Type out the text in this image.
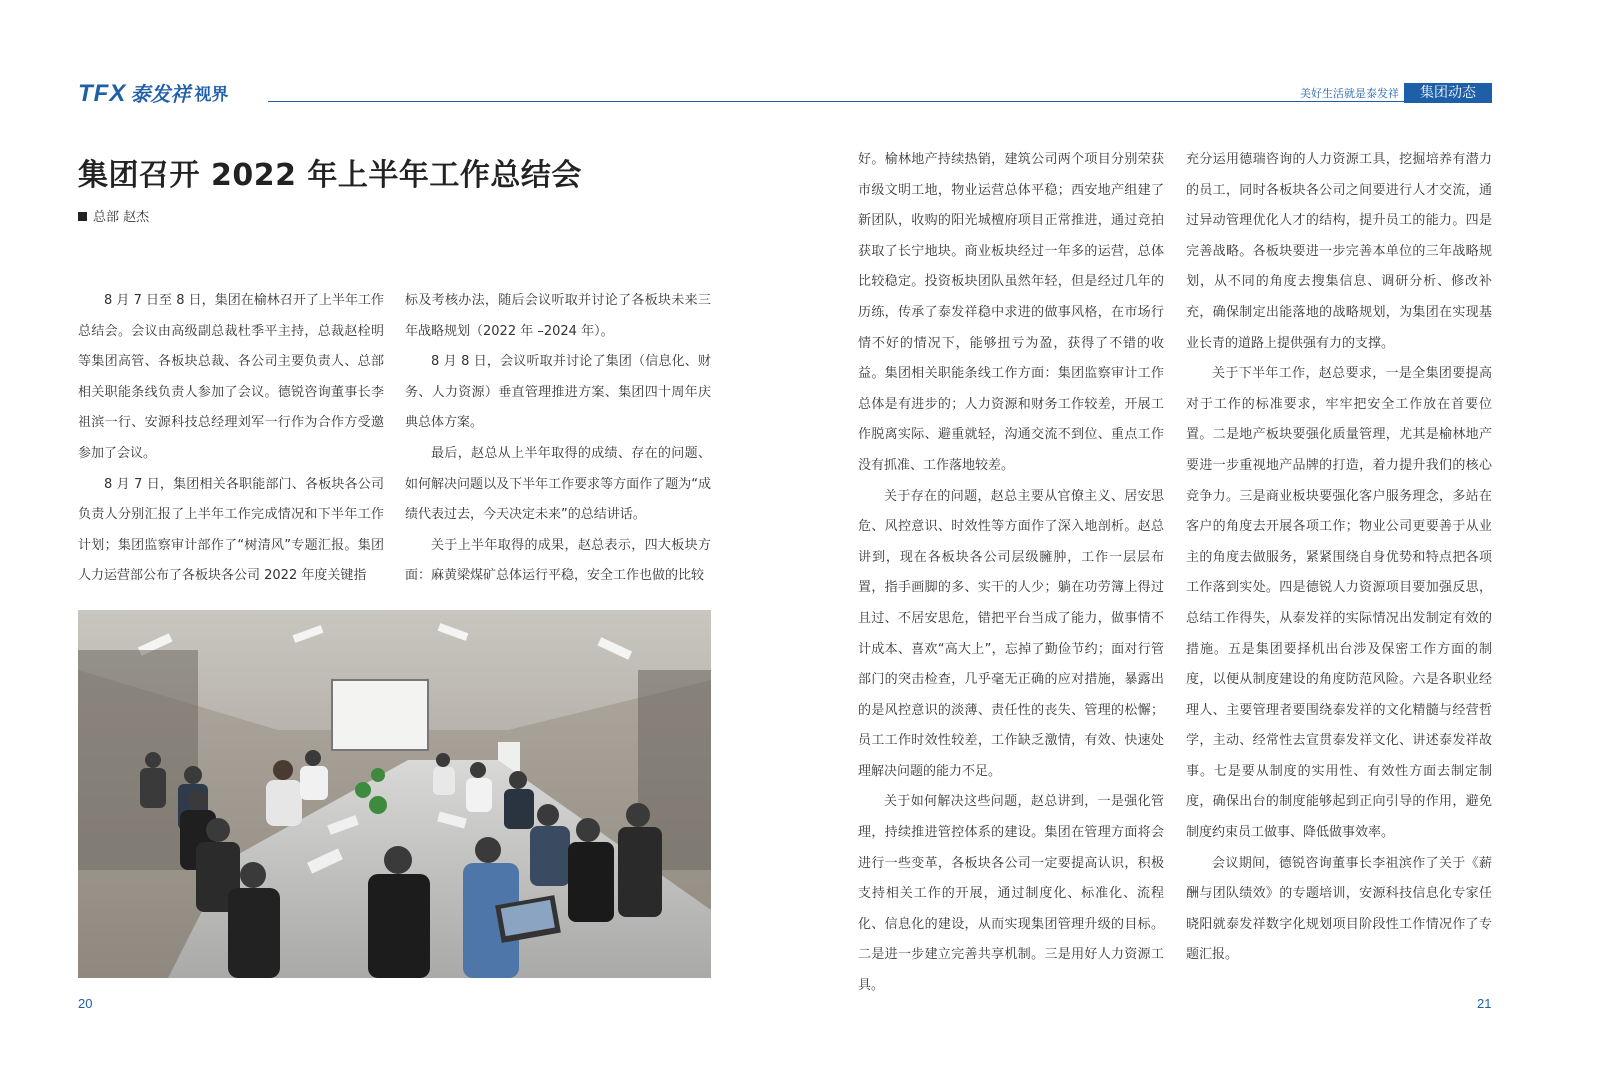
TFX 泰发祥 视界	美好生活就是泰发祥	集团动态
集团召开 2022 年上半年工作总结会
总部 赵杰

8 月 7 日至 8 日，集团在榆林召开了上半年工作总结会。会议由高级副总裁杜季平主持，总裁赵栓明等集团高管、各板块总裁、各公司主要负责人、总部相关职能条线负责人参加了会议。德锐咨询董事长李祖滨一行、安源科技总经理刘军一行作为合作方受邀参加了会议。

8 月 7 日，集团相关各职能部门、各板块各公司负责人分别汇报了上半年工作完成情况和下半年工作计划；集团监察审计部作了“树清风”专题汇报。集团人力运营部公布了各板块各公司 2022 年度关键指

标及考核办法，随后会议听取并讨论了各板块未来三年战略规划（2022 年 –2024 年）。

8 月 8 日，会议听取并讨论了集团（信息化、财务、人力资源）垂直管理推进方案、集团四十周年庆典总体方案。

最后，赵总从上半年取得的成绩、存在的问题、如何解决问题以及下半年工作要求等方面作了题为“成绩代表过去，今天决定未来”的总结讲话。

关于上半年取得的成果，赵总表示，四大板块方面：麻黄梁煤矿总体运行平稳，安全工作也做的比较

好。榆林地产持续热销，建筑公司两个项目分别荣获市级文明工地，物业运营总体平稳；西安地产组建了新团队，收购的阳光城檀府项目正常推进，通过竞拍获取了长宁地块。商业板块经过一年多的运营，总体比较稳定。投资板块团队虽然年轻，但是经过几年的历练，传承了泰发祥稳中求进的做事风格，在市场行情不好的情况下，能够扭亏为盈，获得了不错的收益。集团相关职能条线工作方面：集团监察审计工作总体是有进步的；人力资源和财务工作较差，开展工作脱离实际、避重就轻，沟通交流不到位、重点工作没有抓准、工作落地较差。

关于存在的问题，赵总主要从官僚主义、居安思危、风控意识、时效性等方面作了深入地剖析。赵总讲到，现在各板块各公司层级臃肿，工作一层层布置，指手画脚的多、实干的人少；躺在功劳簿上得过且过、不居安思危，错把平台当成了能力，做事情不计成本、喜欢“高大上”，忘掉了勤俭节约；面对行管部门的突击检查，几乎毫无正确的应对措施，暴露出的是风控意识的淡薄、责任性的丧失、管理的松懈；员工工作时效性较差，工作缺乏激情，有效、快速处理解决问题的能力不足。

关于如何解决这些问题，赵总讲到，一是强化管理，持续推进管控体系的建设。集团在管理方面将会进行一些变革，各板块各公司一定要提高认识，积极支持相关工作的开展，通过制度化、标准化、流程化、信息化的建设，从而实现集团管理升级的目标。二是进一步建立完善共享机制。三是用好人力资源工具。

充分运用德瑞咨询的人力资源工具，挖掘培养有潜力的员工，同时各板块各公司之间要进行人才交流，通过异动管理优化人才的结构，提升员工的能力。四是完善战略。各板块要进一步完善本单位的三年战略规划，从不同的角度去搜集信息、调研分析、修改补充，确保制定出能落地的战略规划，为集团在实现基业长青的道路上提供强有力的支撑。

关于下半年工作，赵总要求，一是全集团要提高对于工作的标准要求，牢牢把安全工作放在首要位置。二是地产板块要强化质量管理，尤其是榆林地产要进一步重视地产品牌的打造，着力提升我们的核心竞争力。三是商业板块要强化客户服务理念，多站在客户的角度去开展各项工作；物业公司更要善于从业主的角度去做服务，紧紧围绕自身优势和特点把各项工作落到实处。四是德锐人力资源项目要加强反思，总结工作得失，从泰发祥的实际情况出发制定有效的措施。五是集团要择机出台涉及保密工作方面的制度，以便从制度建设的角度防范风险。六是各职业经理人、主要管理者要围绕泰发祥的文化精髓与经营哲学，主动、经常性去宣贯泰发祥文化、讲述泰发祥故事。七是要从制度的实用性、有效性方面去制定制度，确保出台的制度能够起到正向引导的作用，避免制度约束员工做事、降低做事效率。

会议期间，德锐咨询董事长李祖滨作了关于《薪酬与团队绩效》的专题培训，安源科技信息化专家任晓阳就泰发祥数字化规划项目阶段性工作情况作了专题汇报。

20	21
